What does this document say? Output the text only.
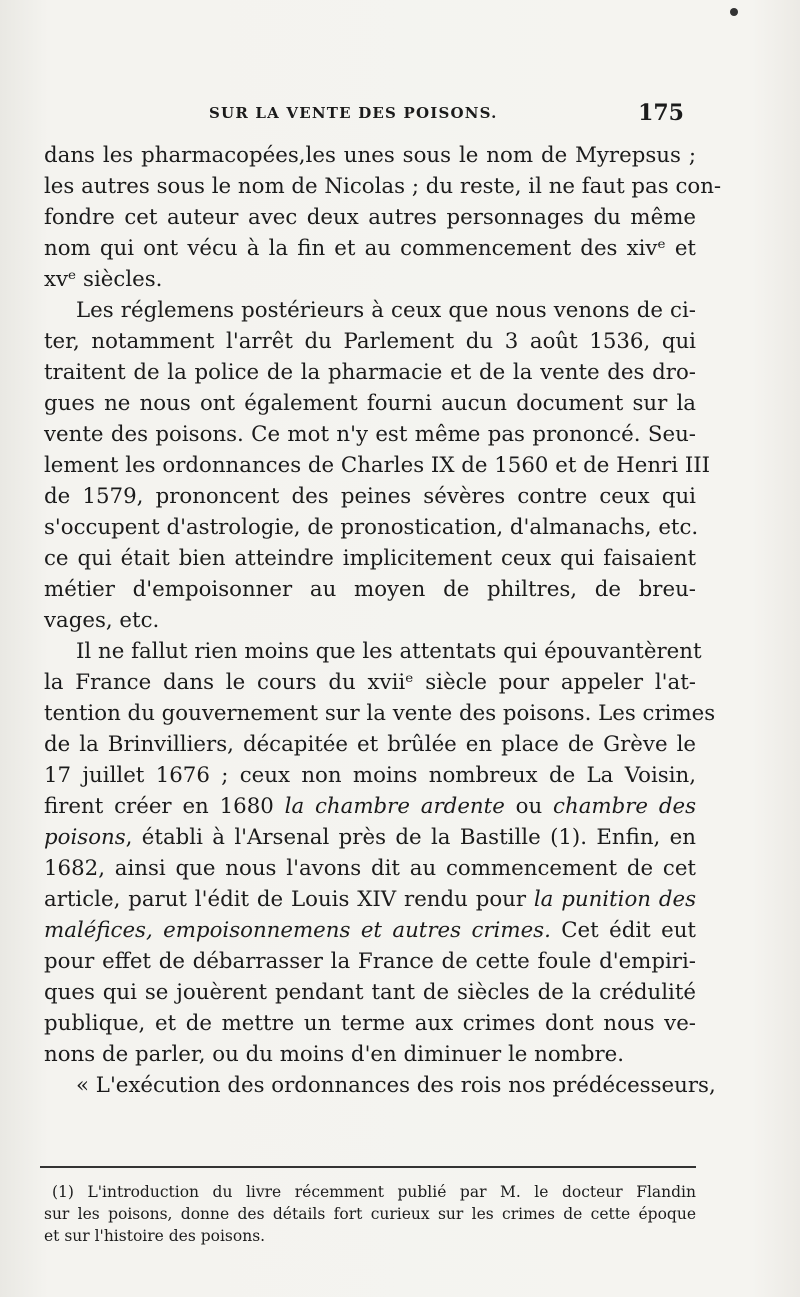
SUR LA VENTE DES POISONS.	175

dans les pharmacopées,les unes sous le nom de Myrepsus ;
les autres sous le nom de Nicolas ; du reste, il ne faut pas con-
fondre cet auteur avec deux autres personnages du même
nom qui ont vécu à la fin et au commencement des xivᵉ et
xvᵉ siècles.

Les réglemens postérieurs à ceux que nous venons de ci-
ter, notamment l'arrêt du Parlement du 3 août 1536, qui
traitent de la police de la pharmacie et de la vente des dro-
gues ne nous ont également fourni aucun document sur la
vente des poisons. Ce mot n'y est même pas prononcé. Seu-
lement les ordonnances de Charles IX de 1560 et de Henri III
de 1579, prononcent des peines sévères contre ceux qui
s'occupent d'astrologie, de pronostication, d'almanachs, etc.
ce qui était bien atteindre implicitement ceux qui faisaient
métier d'empoisonner au moyen de philtres, de breu-
vages, etc.

Il ne fallut rien moins que les attentats qui épouvantèrent
la France dans le cours du xviiᵉ siècle pour appeler l'at-
tention du gouvernement sur la vente des poisons. Les crimes
de la Brinvilliers, décapitée et brûlée en place de Grève le
17 juillet 1676 ; ceux non moins nombreux de La Voisin,
firent créer en 1680 la chambre ardente ou chambre des
poisons, établi à l'Arsenal près de la Bastille (1). Enfin, en
1682, ainsi que nous l'avons dit au commencement de cet
article, parut l'édit de Louis XIV rendu pour la punition des
maléfices, empoisonnemens et autres crimes. Cet édit eut
pour effet de débarrasser la France de cette foule d'empiri-
ques qui se jouèrent pendant tant de siècles de la crédulité
publique, et de mettre un terme aux crimes dont nous ve-
nons de parler, ou du moins d'en diminuer le nombre.

« L'exécution des ordonnances des rois nos prédécesseurs,

(1) L'introduction du livre récemment publié par M. le docteur Flandin
sur les poisons, donne des détails fort curieux sur les crimes de cette époque
et sur l'histoire des poisons.
